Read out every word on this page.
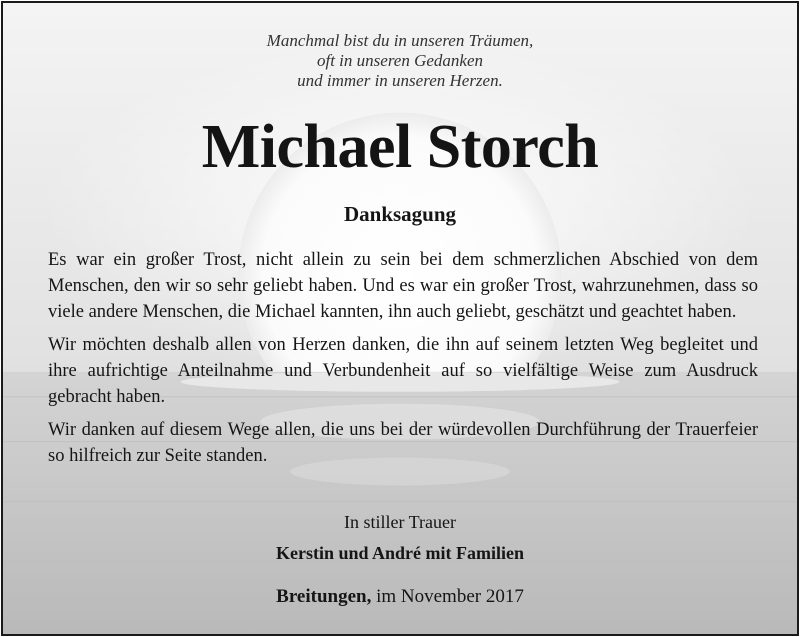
Manchmal bist du in unseren Träumen,
oft in unseren Gedanken
und immer in unseren Herzen.
Michael Storch
Danksagung

Es war ein großer Trost, nicht allein zu sein bei dem schmerzlichen Abschied von dem Menschen, den wir so sehr geliebt haben. Und es war ein großer Trost, wahrzunehmen, dass so viele andere Menschen, die Michael kannten, ihn auch geliebt, geschätzt und geachtet haben.

Wir möchten deshalb allen von Herzen danken, die ihn auf seinem letzten Weg begleitet und ihre aufrichtige Anteilnahme und Verbundenheit auf so vielfältige Weise zum Ausdruck gebracht haben.

Wir danken auf diesem Wege allen, die uns bei der würdevollen Durchführung der Trauerfeier so hilfreich zur Seite standen.

In stiller Trauer
Kerstin und André mit Familien
Breitungen, im November 2017
